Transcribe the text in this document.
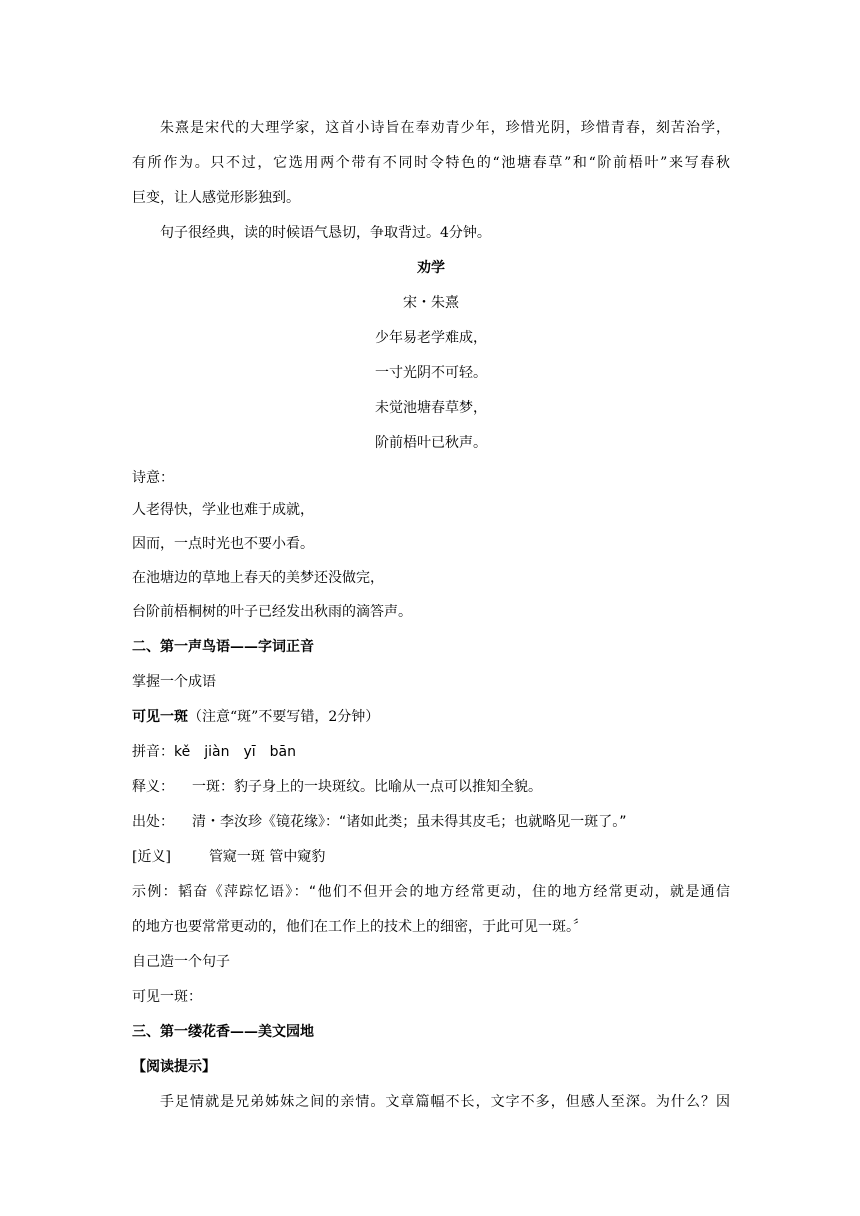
朱熹是宋代的大理学家，这首小诗旨在奉劝青少年，珍惜光阴，珍惜青春，刻苦治学，
有所作为。只不过，它选用两个带有不同时令特色的“池塘春草”和“阶前梧叶”来写春秋
巨变，让人感觉形影独到。
句子很经典，读的时候语气恳切，争取背过。4分钟。
劝学
宋・朱熹
少年易老学难成，
一寸光阴不可轻。
未觉池塘春草梦，
阶前梧叶已秋声。
诗意：
人老得快，学业也难于成就，
因而，一点时光也不要小看。
在池塘边的草地上春天的美梦还没做完，
台阶前梧桐树的叶子已经发出秋雨的滴答声。
二、第一声鸟语——字词正音
掌握一个成语
可见一斑（注意“斑”不要写错，2分钟）
拼音：kě jiàn yī bān
释义： 一斑：豹子身上的一块斑纹。比喻从一点可以推知全貌。
出处： 清・李汝珍《镜花缘》：“诸如此类；虽未得其皮毛；也就略见一斑了。”
[近义]	管窥一斑 管中窥豹
示例：韬奋《萍踪忆语》：“他们不但开会的地方经常更动，住的地方经常更动，就是通信
的地方也要常常更动的，他们在工作上的技术上的细密，于此可见一斑。〞
自己造一个句子
可见一斑：
三、第一缕花香——美文园地
【阅读提示】
手足情就是兄弟姊妹之间的亲情。文章篇幅不长，文字不多，但感人至深。为什么？因
